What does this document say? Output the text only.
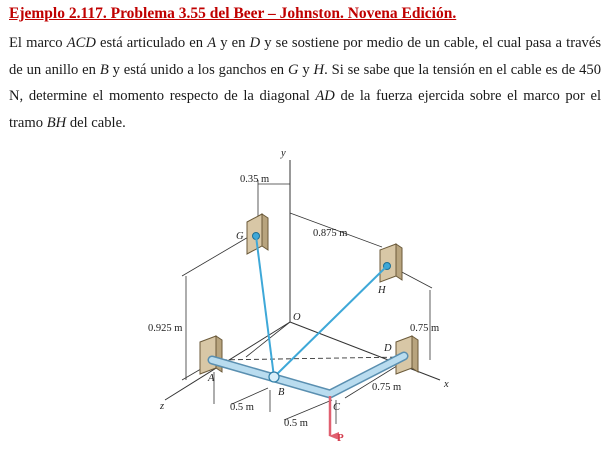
Ejemplo 2.117. Problema 3.55 del Beer – Johnston. Novena Edición.

El marco ACD está articulado en A y en D y se sostiene por medio de un cable, el cual pasa a través de un anillo en B y está unido a los ganchos en G y H. Si se sabe que la tensión en el cable es de 450 N, determine el momento respecto de la diagonal AD de la fuerza ejercida sobre el marco por el tramo BH del cable.

y
x
z
O
P
G
H
A
B
C
D
0.35 m
0.875 m
0.925 m	0.75 m
0.75 m
0.5 m
0.5 m
